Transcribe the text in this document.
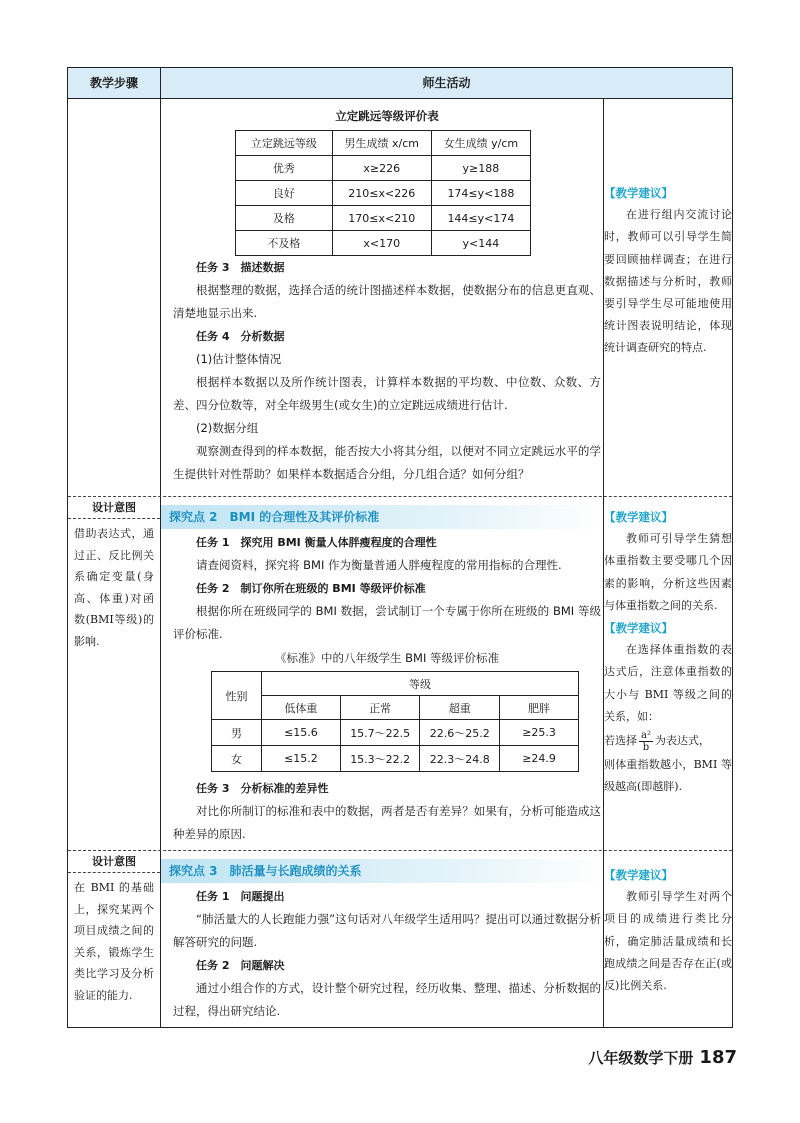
教学步骤	师生活动
立定跳远等级评价表
立定跳远等级	男生成绩 x/cm	女生成绩 y/cm
优秀	x≥226	y≥188
良好	210≤x<226	174≤y<188
及格	170≤x<210	144≤y<174
不及格	x<170	y<144

任务 3　描述数据

根据整理的数据，选择合适的统计图描述样本数据，使数据分布的信息更直观、清楚地显示出来.

任务 4　分析数据

(1)估计整体情况

根据样本数据以及所作统计图表，计算样本数据的平均数、中位数、众数、方差、四分位数等，对全年级男生(或女生)的立定跳远成绩进行估计.

(2)数据分组

观察测查得到的样本数据，能否按大小将其分组，以便对不同立定跳远水平的学生提供针对性帮助？如果样本数据适合分组，分几组合适？如何分组？

【教学建议】
在进行组内交流讨论时，教师可以引导学生简要回顾抽样调查；在进行数据描述与分析时，教师要引导学生尽可能地使用统计图表说明结论，体现统计调查研究的特点.
设计意图
借助表达式，通过正、反比例关系确定变量(身高、体重)对函数(BMI等级)的影响.
探究点 2　BMI 的合理性及其评价标准

任务 1　探究用 BMI 衡量人体胖瘦程度的合理性

请查阅资料，探究将 BMI 作为衡量普通人胖瘦程度的常用指标的合理性.

任务 2　制订你所在班级的 BMI 等级评价标准

根据你所在班级同学的 BMI 数据，尝试制订一个专属于你所在班级的 BMI 等级评价标准.

《标准》中的八年级学生 BMI 等级评价标准
性别	等级			
	低体重	正常	超重	肥胖
男	≤15.6	15.7～22.5	22.6～25.2	≥25.3
女	≤15.2	15.3～22.2	22.3～24.8	≥24.9

任务 3　分析标准的差异性

对比你所制订的标准和表中的数据，两者是否有差异？如果有，分析可能造成这种差异的原因.

【教学建议】
教师可引导学生猜想体重指数主要受哪几个因素的影响，分析这些因素与体重指数之间的关系.
【教学建议】
在选择体重指数的表达式后，注意体重指数的大小与 BMI 等级之间的关系，如：
若选择 $\frac{\text{a²}}{b}$ 为表达式，
则体重指数越小，BMI 等级越高(即越胖).
设计意图
在 BMI 的基础上，探究某两个项目成绩之间的关系，锻炼学生类比学习及分析验证的能力.
探究点 3　肺活量与长跑成绩的关系

任务 1　问题提出

“肺活量大的人长跑能力强”这句话对八年级学生适用吗？提出可以通过数据分析解答研究的问题.

任务 2　问题解决

通过小组合作的方式，设计整个研究过程，经历收集、整理、描述、分析数据的过程，得出研究结论.

【教学建议】
教师引导学生对两个项目的成绩进行类比分析，确定肺活量成绩和长跑成绩之间是否存在正(或反)比例关系.
八年级数学下册 187
